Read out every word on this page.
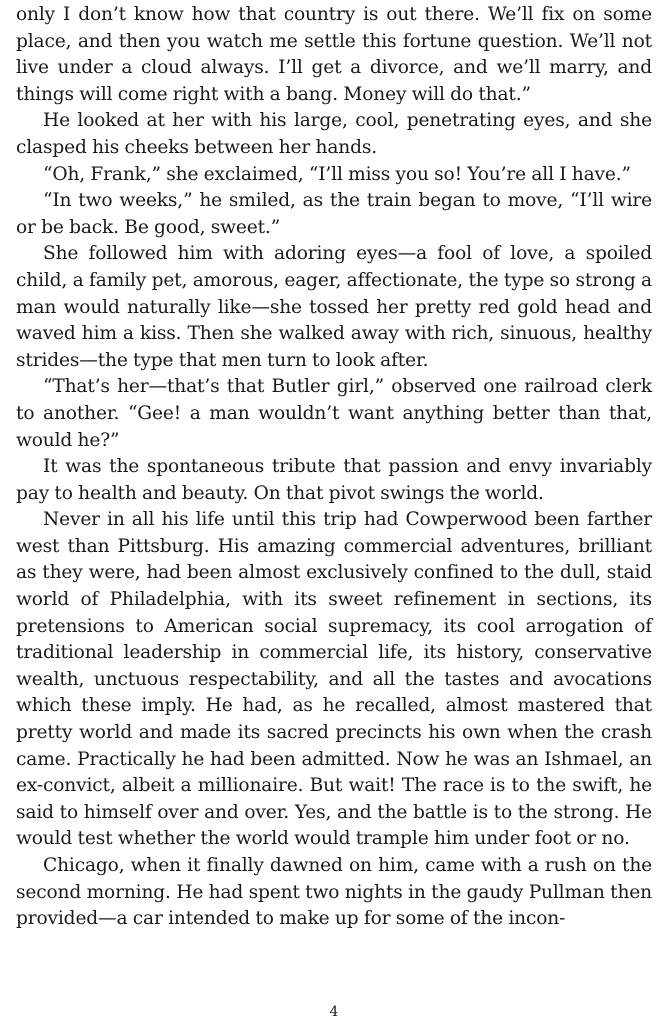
only I don’t know how that country is out there. We’ll fix on some place, and then you watch me settle this fortune question. We’ll not live under a cloud always. I’ll get a divorce, and we’ll marry, and things will come right with a bang. Money will do that.”

He looked at her with his large, cool, penetrating eyes, and she clasped his cheeks between her hands.

“Oh, Frank,” she exclaimed, “I’ll miss you so! You’re all I have.”

“In two weeks,” he smiled, as the train began to move, “I’ll wire or be back. Be good, sweet.”

She followed him with adoring eyes—a fool of love, a spoiled child, a family pet, amorous, eager, affectionate, the type so strong a man would naturally like—she tossed her pretty red gold head and waved him a kiss. Then she walked away with rich, sinuous, healthy strides—the type that men turn to look after.

“That’s her—that’s that Butler girl,” observed one railroad clerk to another. “Gee! a man wouldn’t want anything better than that, would he?”

It was the spontaneous tribute that passion and envy invariably pay to health and beauty. On that pivot swings the world.

Never in all his life until this trip had Cowperwood been farther west than Pittsburg. His amazing commercial adventures, brilliant as they were, had been almost exclusively confined to the dull, staid world of Philadelphia, with its sweet refinement in sections, its pretensions to American social supremacy, its cool arrogation of traditional leadership in commercial life, its history, conservative wealth, unctuous respectability, and all the tastes and avocations which these imply. He had, as he recalled, almost mastered that pretty world and made its sacred precincts his own when the crash came. Practically he had been admitted. Now he was an Ishmael, an ex-convict, albeit a millionaire. But wait! The race is to the swift, he said to himself over and over. Yes, and the battle is to the strong. He would test whether the world would trample him under foot or no.

Chicago, when it finally dawned on him, came with a rush on the second morning. He had spent two nights in the gaudy Pullman then provided—a car intended to make up for some of the incon-

4
